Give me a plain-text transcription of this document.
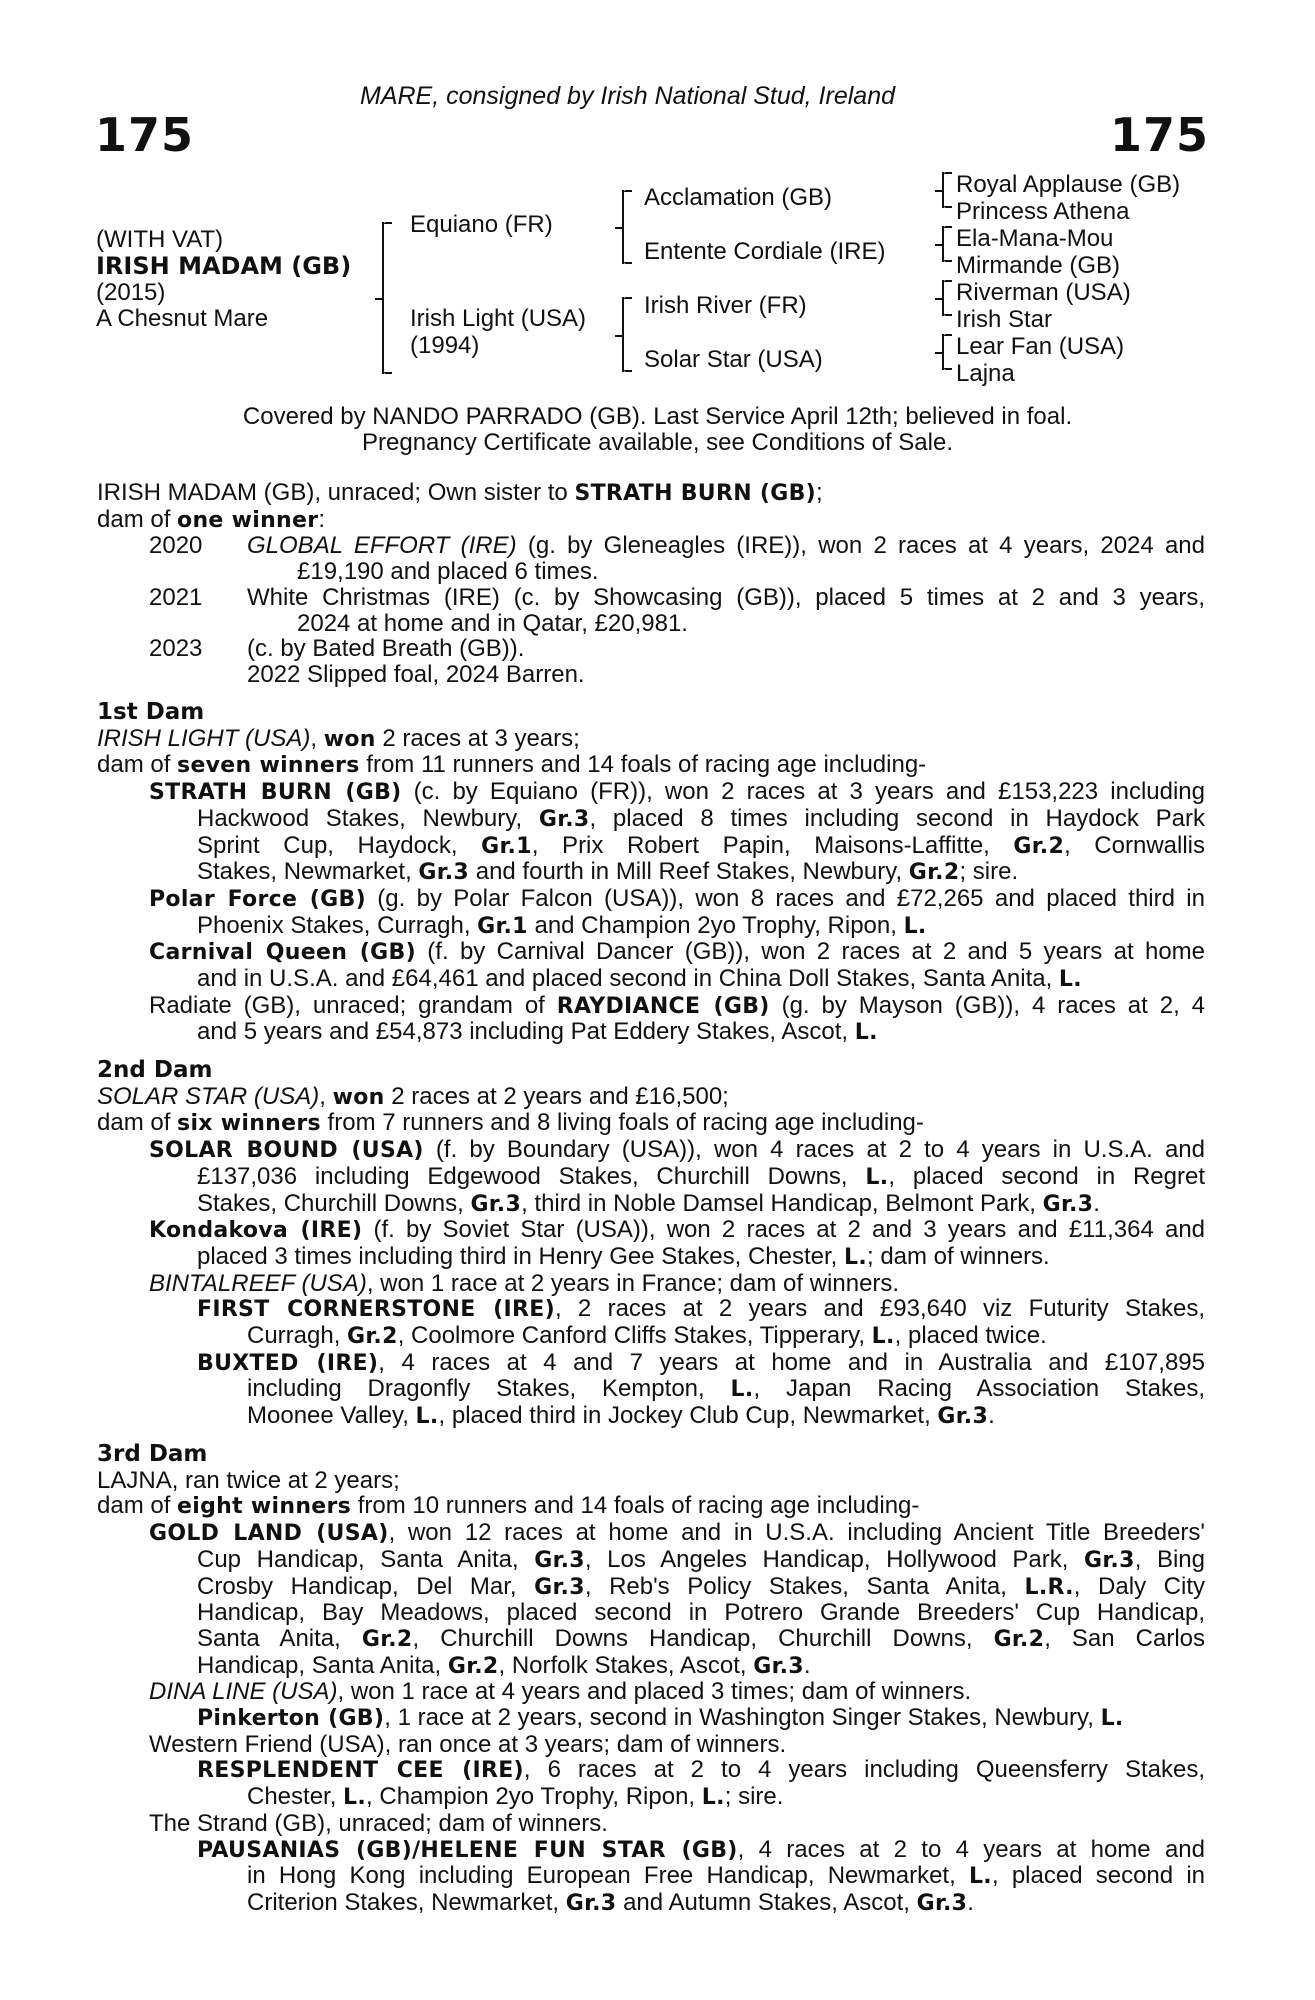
MARE, consigned by Irish National Stud, Ireland
175	175
(WITH VAT)
IRISH MADAM (GB)
(2015)
A Chesnut Mare
Equiano (FR)
Irish Light (USA)
(1994)
Acclamation (GB)
Entente Cordiale (IRE)
Irish River (FR)
Solar Star (USA)
Royal Applause (GB)
Princess Athena
Ela-Mana-Mou
Mirmande (GB)
Riverman (USA)
Irish Star
Lear Fan (USA)
Lajna
Covered by NANDO PARRADO (GB). Last Service April 12th; believed in foal.
Pregnancy Certificate available, see Conditions of Sale.
IRISH MADAM (GB), unraced; Own sister to STRATH BURN (GB);
dam of one winner:
2020 GLOBAL EFFORT (IRE) (g. by Gleneagles (IRE)), won 2 races at 4 years, 2024 and
£19,190 and placed 6 times.
2021 White Christmas (IRE) (c. by Showcasing (GB)), placed 5 times at 2 and 3 years,
2024 at home and in Qatar, £20,981.
2023 (c. by Bated Breath (GB)).
2022 Slipped foal, 2024 Barren.
1st Dam
IRISH LIGHT (USA), won 2 races at 3 years;
dam of seven winners from 11 runners and 14 foals of racing age including-
STRATH BURN (GB) (c. by Equiano (FR)), won 2 races at 3 years and £153,223 including
Hackwood Stakes, Newbury, Gr.3, placed 8 times including second in Haydock Park
Sprint Cup, Haydock, Gr.1, Prix Robert Papin, Maisons-Laffitte, Gr.2, Cornwallis
Stakes, Newmarket, Gr.3 and fourth in Mill Reef Stakes, Newbury, Gr.2; sire.
Polar Force (GB) (g. by Polar Falcon (USA)), won 8 races and £72,265 and placed third in
Phoenix Stakes, Curragh, Gr.1 and Champion 2yo Trophy, Ripon, L.
Carnival Queen (GB) (f. by Carnival Dancer (GB)), won 2 races at 2 and 5 years at home
and in U.S.A. and £64,461 and placed second in China Doll Stakes, Santa Anita, L.
Radiate (GB), unraced; grandam of RAYDIANCE (GB) (g. by Mayson (GB)), 4 races at 2, 4
and 5 years and £54,873 including Pat Eddery Stakes, Ascot, L.
2nd Dam
SOLAR STAR (USA), won 2 races at 2 years and £16,500;
dam of six winners from 7 runners and 8 living foals of racing age including-
SOLAR BOUND (USA) (f. by Boundary (USA)), won 4 races at 2 to 4 years in U.S.A. and
£137,036 including Edgewood Stakes, Churchill Downs, L., placed second in Regret
Stakes, Churchill Downs, Gr.3, third in Noble Damsel Handicap, Belmont Park, Gr.3.
Kondakova (IRE) (f. by Soviet Star (USA)), won 2 races at 2 and 3 years and £11,364 and
placed 3 times including third in Henry Gee Stakes, Chester, L.; dam of winners.
BINTALREEF (USA), won 1 race at 2 years in France; dam of winners.
FIRST CORNERSTONE (IRE), 2 races at 2 years and £93,640 viz Futurity Stakes,
Curragh, Gr.2, Coolmore Canford Cliffs Stakes, Tipperary, L., placed twice.
BUXTED (IRE), 4 races at 4 and 7 years at home and in Australia and £107,895
including Dragonfly Stakes, Kempton, L., Japan Racing Association Stakes,
Moonee Valley, L., placed third in Jockey Club Cup, Newmarket, Gr.3.
3rd Dam
LAJNA, ran twice at 2 years;
dam of eight winners from 10 runners and 14 foals of racing age including-
GOLD LAND (USA), won 12 races at home and in U.S.A. including Ancient Title Breeders'
Cup Handicap, Santa Anita, Gr.3, Los Angeles Handicap, Hollywood Park, Gr.3, Bing
Crosby Handicap, Del Mar, Gr.3, Reb's Policy Stakes, Santa Anita, L.R., Daly City
Handicap, Bay Meadows, placed second in Potrero Grande Breeders' Cup Handicap,
Santa Anita, Gr.2, Churchill Downs Handicap, Churchill Downs, Gr.2, San Carlos
Handicap, Santa Anita, Gr.2, Norfolk Stakes, Ascot, Gr.3.
DINA LINE (USA), won 1 race at 4 years and placed 3 times; dam of winners.
Pinkerton (GB), 1 race at 2 years, second in Washington Singer Stakes, Newbury, L.
Western Friend (USA), ran once at 3 years; dam of winners.
RESPLENDENT CEE (IRE), 6 races at 2 to 4 years including Queensferry Stakes,
Chester, L., Champion 2yo Trophy, Ripon, L.; sire.
The Strand (GB), unraced; dam of winners.
PAUSANIAS (GB)/HELENE FUN STAR (GB), 4 races at 2 to 4 years at home and
in Hong Kong including European Free Handicap, Newmarket, L., placed second in
Criterion Stakes, Newmarket, Gr.3 and Autumn Stakes, Ascot, Gr.3.
